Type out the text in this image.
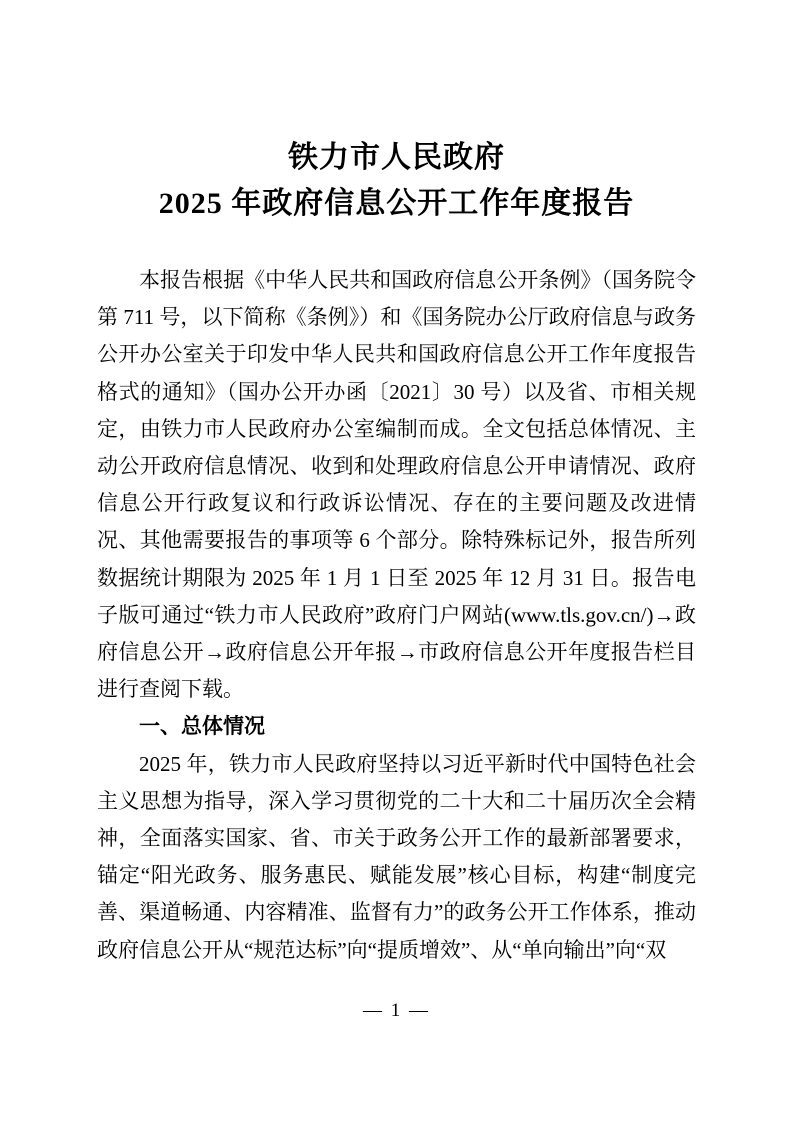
铁力市人民政府
2025 年政府信息公开工作年度报告

本报告根据《中华人民共和国政府信息公开条例》（国务院令第 711 号，以下简称《条例》）和《国务院办公厅政府信息与政务公开办公室关于印发中华人民共和国政府信息公开工作年度报告格式的通知》（国办公开办函〔2021〕30 号）以及省、市相关规定，由铁力市人民政府办公室编制而成。全文包括总体情况、主动公开政府信息情况、收到和处理政府信息公开申请情况、政府信息公开行政复议和行政诉讼情况、存在的主要问题及改进情况、其他需要报告的事项等 6 个部分。除特殊标记外，报告所列数据统计期限为 2025 年 1 月 1 日至 2025 年 12 月 31 日。报告电子版可通过“铁力市人民政府”政府门户网站(www.tls.gov.cn/)→政府信息公开→政府信息公开年报→市政府信息公开年度报告栏目进行查阅下载。

一、总体情况

2025 年，铁力市人民政府坚持以习近平新时代中国特色社会主义思想为指导，深入学习贯彻党的二十大和二十届历次全会精神，全面落实国家、省、市关于政务公开工作的最新部署要求，锚定“阳光政务、服务惠民、赋能发展”核心目标，构建“制度完善、渠道畅通、内容精准、监督有力”的政务公开工作体系，推动政府信息公开从“规范达标”向“提质增效”、从“单向输出”向“双

— 1 —
